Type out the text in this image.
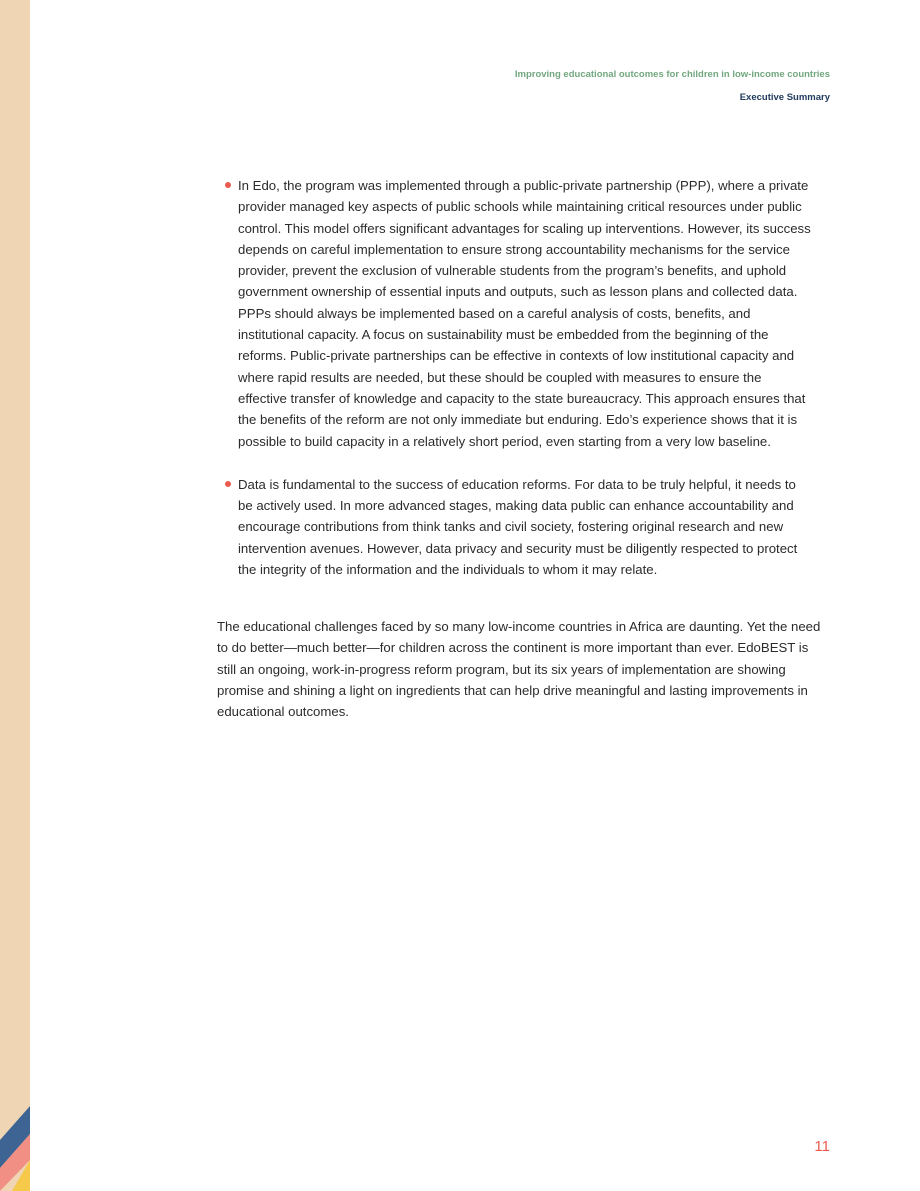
Improving educational outcomes for children in low-income countries

Executive Summary

In Edo, the program was implemented through a public-private partnership (PPP), where a private provider managed key aspects of public schools while maintaining critical resources under public control. This model offers significant advantages for scaling up interventions. However, its success depends on careful implementation to ensure strong accountability mechanisms for the service provider, prevent the exclusion of vulnerable students from the program’s benefits, and uphold government ownership of essential inputs and outputs, such as lesson plans and collected data. PPPs should always be implemented based on a careful analysis of costs, benefits, and institutional capacity. A focus on sustainability must be embedded from the beginning of the reforms. Public-private partnerships can be effective in contexts of low institutional capacity and where rapid results are needed, but these should be coupled with measures to ensure the effective transfer of knowledge and capacity to the state bureaucracy. This approach ensures that the benefits of the reform are not only immediate but enduring. Edo’s experience shows that it is possible to build capacity in a relatively short period, even starting from a very low baseline.
Data is fundamental to the success of education reforms. For data to be truly helpful, it needs to be actively used. In more advanced stages, making data public can enhance accountability and encourage contributions from think tanks and civil society, fostering original research and new intervention avenues. However, data privacy and security must be diligently respected to protect the integrity of the information and the individuals to whom it may relate.

The educational challenges faced by so many low-income countries in Africa are daunting. Yet the need to do better—much better—for children across the continent is more important than ever. EdoBEST is still an ongoing, work-in-progress reform program, but its six years of implementation are showing promise and shining a light on ingredients that can help drive meaningful and lasting improvements in educational outcomes.

11
